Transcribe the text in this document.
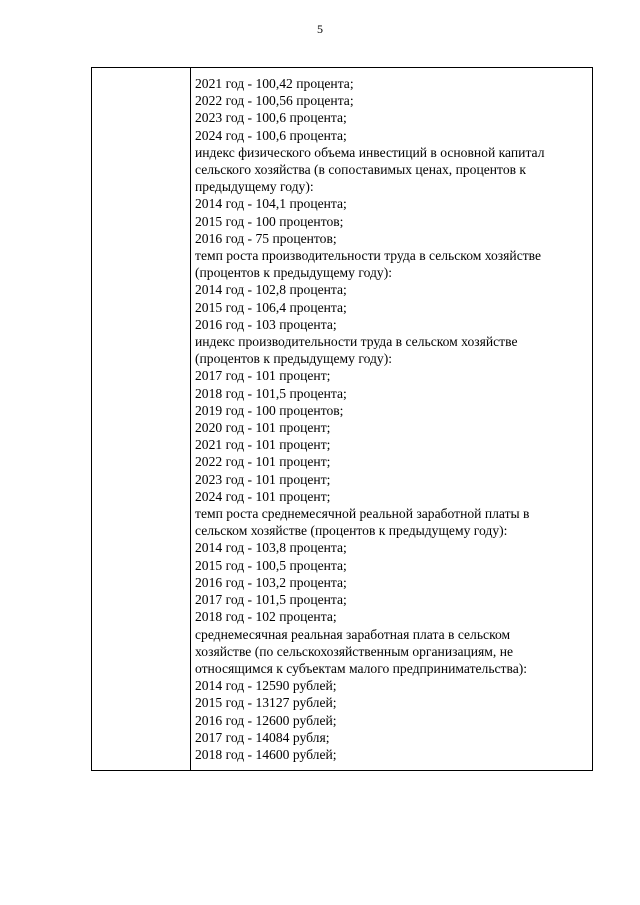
5
2021 год - 100,42 процента;
2022 год - 100,56 процента;
2023 год - 100,6 процента;
2024 год - 100,6 процента;
индекс физического объема инвестиций в основной капитал
сельского хозяйства (в сопоставимых ценах, процентов к
предыдущему году):
2014 год - 104,1 процента;
2015 год - 100 процентов;
2016 год - 75 процентов;
темп роста производительности труда в сельском хозяйстве
(процентов к предыдущему году):
2014 год - 102,8 процента;
2015 год - 106,4 процента;
2016 год - 103 процента;
индекс производительности труда в сельском хозяйстве
(процентов к предыдущему году):
2017 год - 101 процент;
2018 год - 101,5 процента;
2019 год - 100 процентов;
2020 год - 101 процент;
2021 год - 101 процент;
2022 год - 101 процент;
2023 год - 101 процент;
2024 год - 101 процент;
темп роста среднемесячной реальной заработной платы в
сельском хозяйстве (процентов к предыдущему году):
2014 год - 103,8 процента;
2015 год - 100,5 процента;
2016 год - 103,2 процента;
2017 год - 101,5 процента;
2018 год - 102 процента;
среднемесячная реальная заработная плата в сельском
хозяйстве (по сельскохозяйственным организациям, не
относящимся к субъектам малого предпринимательства):
2014 год - 12590 рублей;
2015 год - 13127 рублей;
2016 год - 12600 рублей;
2017 год - 14084 рубля;
2018 год - 14600 рублей;
